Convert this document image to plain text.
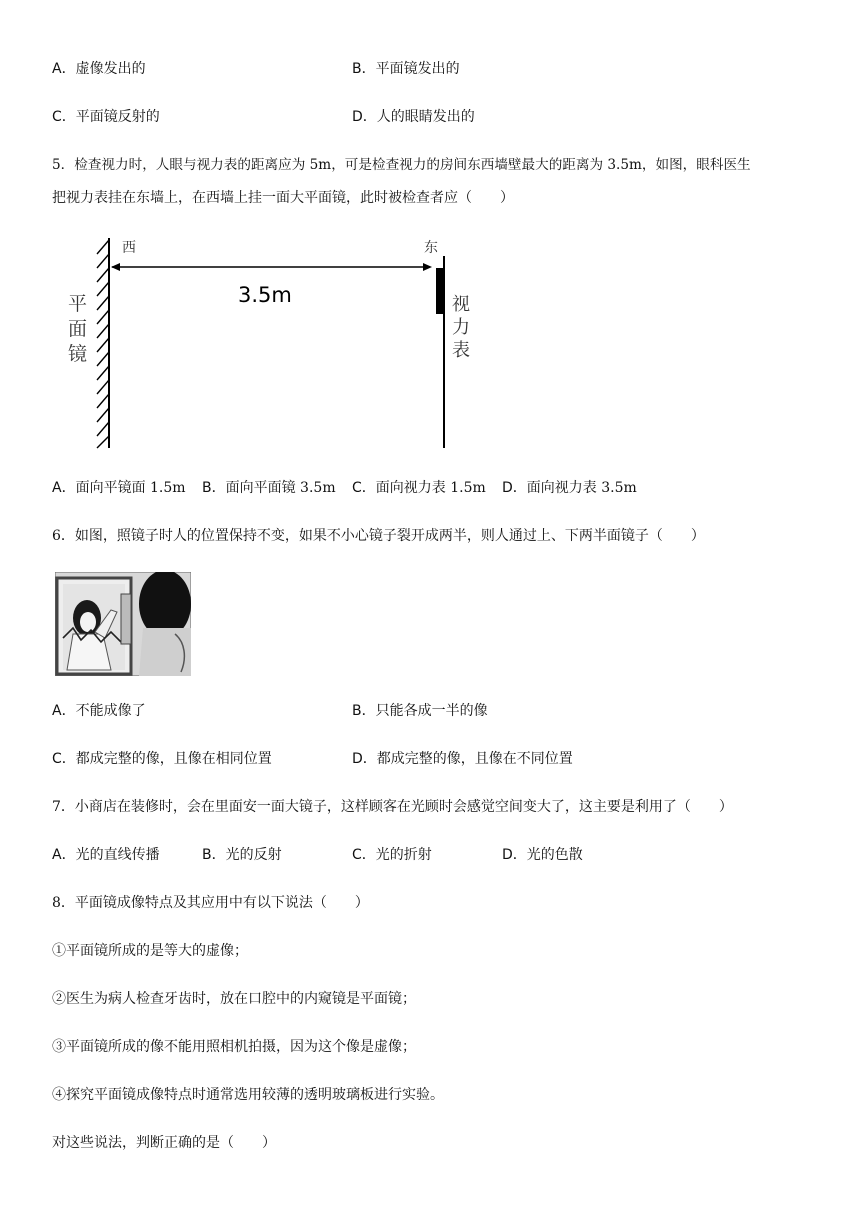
A．虚像发出的	B．平面镜发出的
C．平面镜反射的	D．人的眼睛发出的
5．检查视力时，人眼与视力表的距离应为 5m，可是检查视力的房间东西墙壁最大的距离为 3.5m，如图，眼科医生
把视力表挂在东墙上，在西墙上挂一面大平面镜，此时被检查者应（　　）
西	东
3.5m
平
面
镜
视
力
表
A．面向平镜面 1.5m B．面向平面镜 3.5m C．面向视力表 1.5m D．面向视力表 3.5m
6．如图，照镜子时人的位置保持不变，如果不小心镜子裂开成两半，则人通过上、下两半面镜子（　　）
A．不能成像了	B．只能各成一半的像
C．都成完整的像，且像在相同位置	D．都成完整的像，且像在不同位置
7．小商店在装修时，会在里面安一面大镜子，这样顾客在光顾时会感觉空间变大了，这主要是利用了（　　）
A．光的直线传播	B．光的反射	C．光的折射	D．光的色散
8．平面镜成像特点及其应用中有以下说法（　　）
①平面镜所成的是等大的虚像；
②医生为病人检查牙齿时，放在口腔中的内窥镜是平面镜；
③平面镜所成的像不能用照相机拍摄，因为这个像是虚像；
④探究平面镜成像特点时通常选用较薄的透明玻璃板进行实验。
对这些说法，判断正确的是（　　）
